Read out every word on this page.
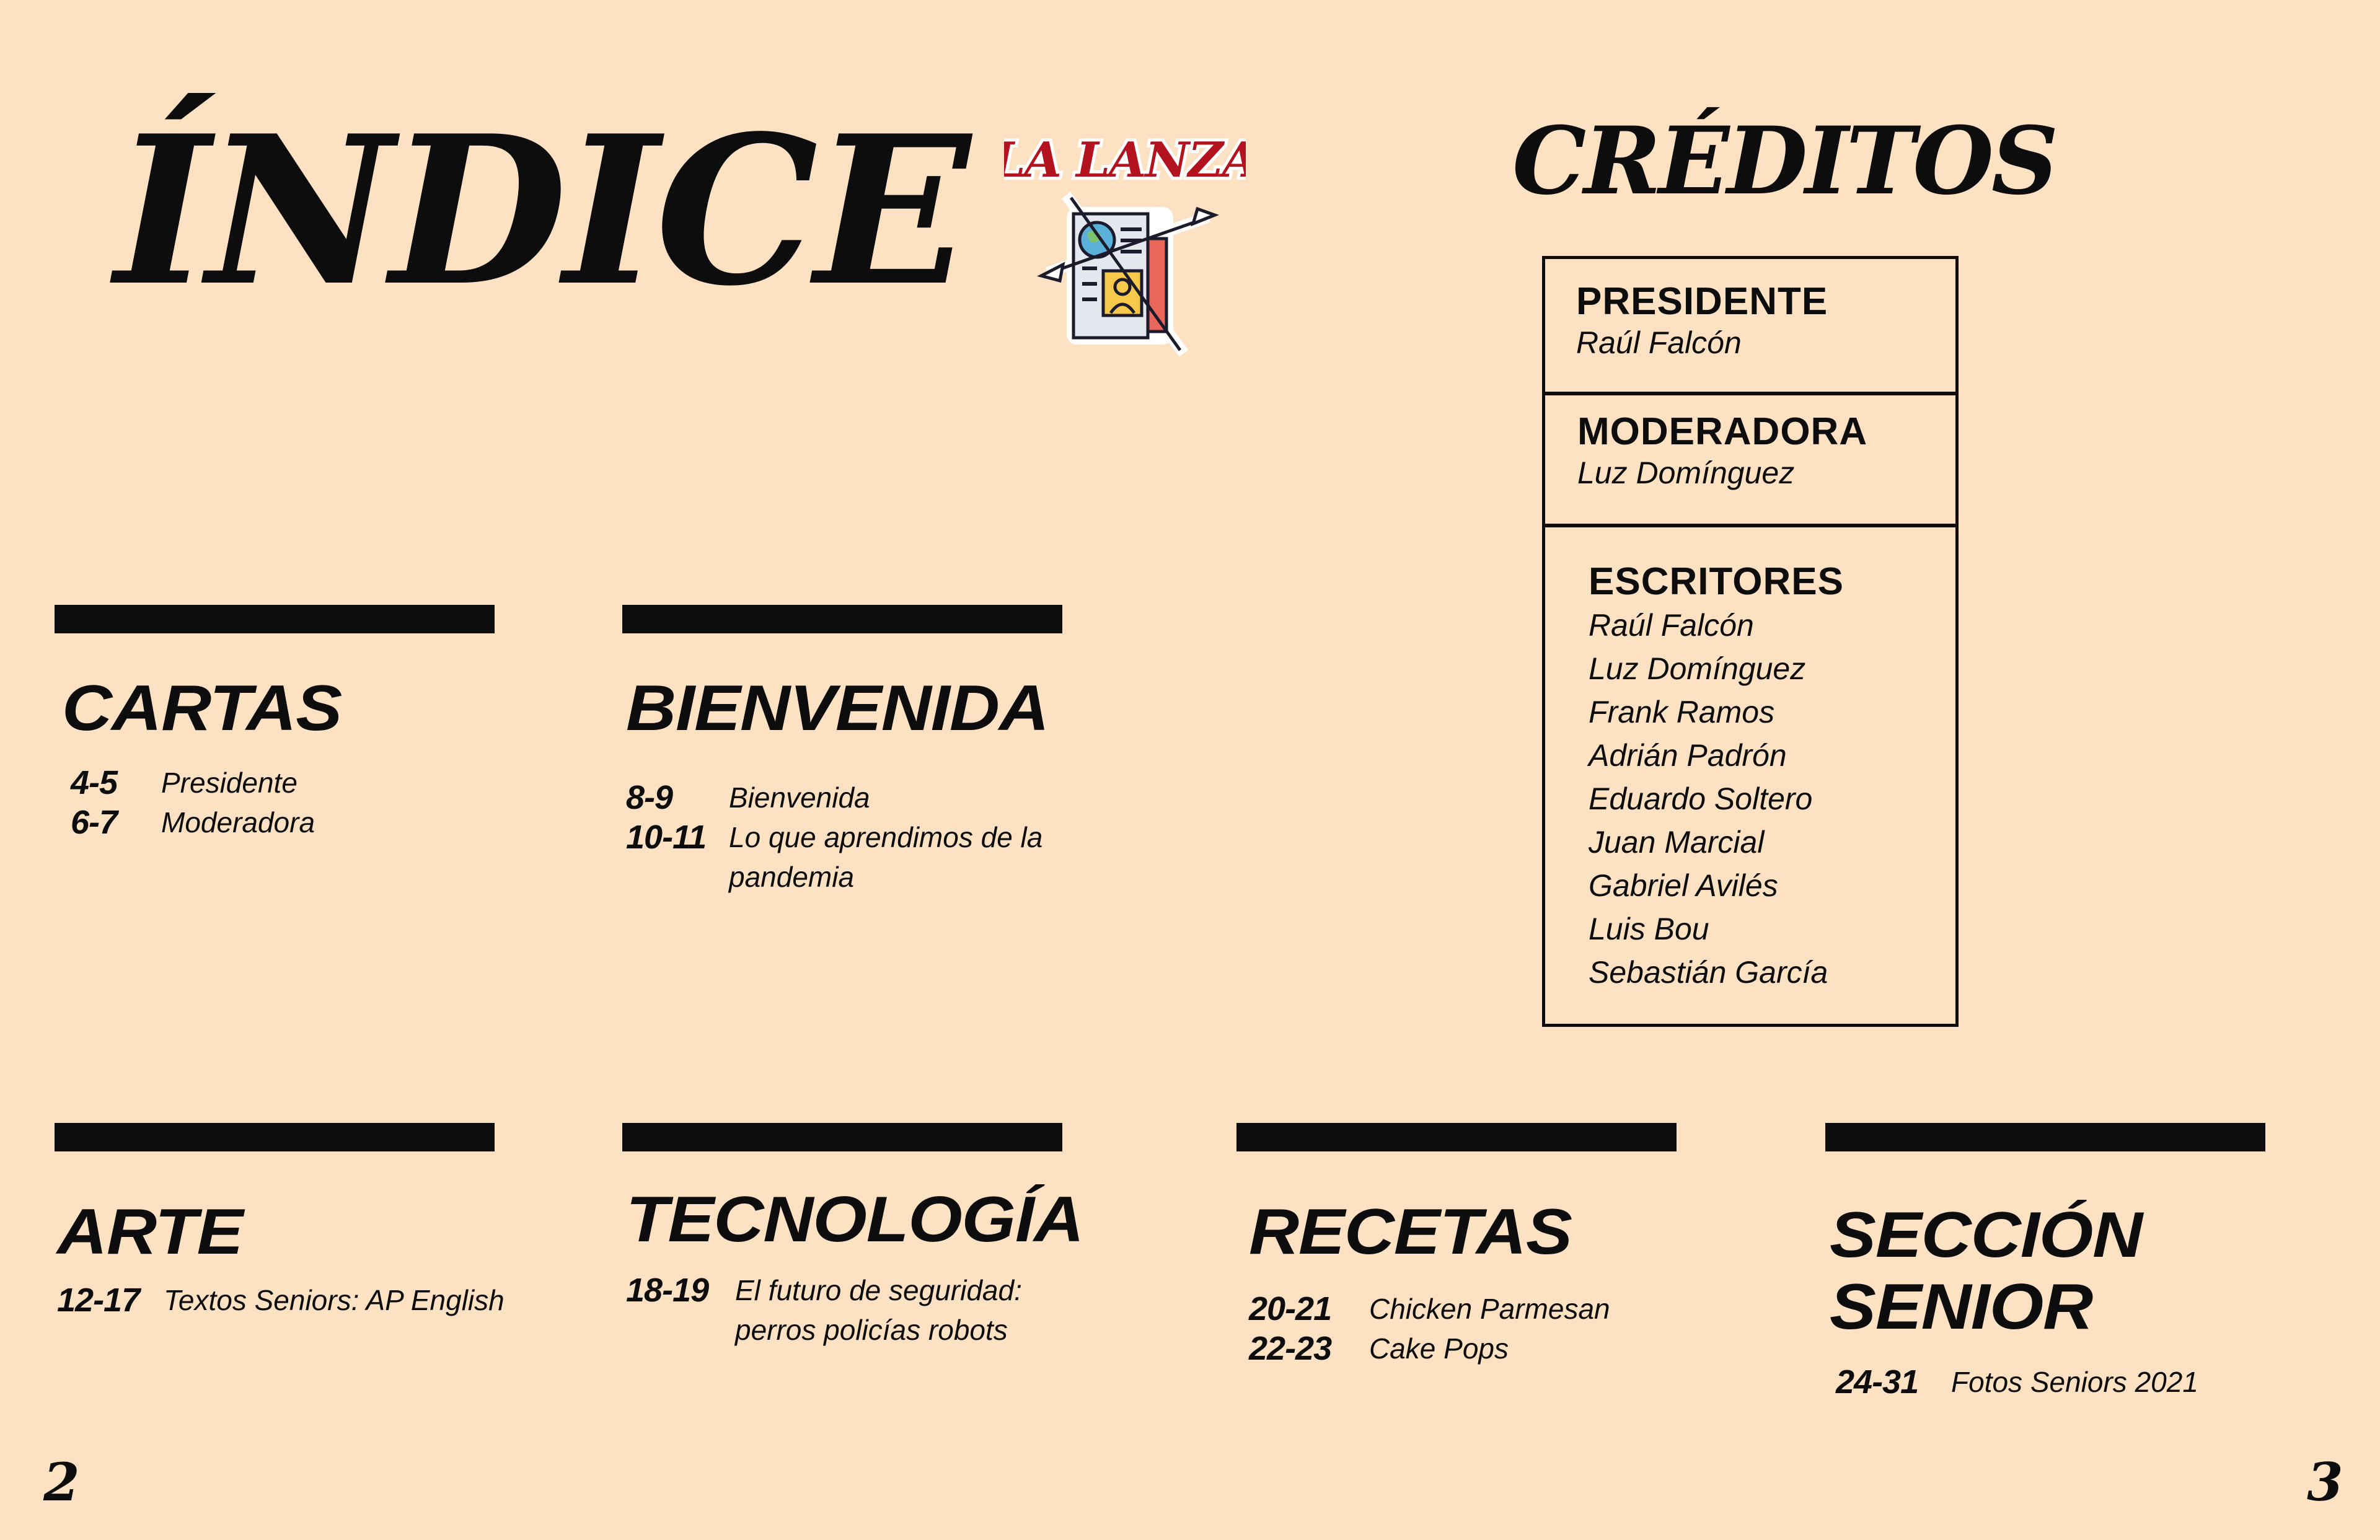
ÍNDICE	CRÉDITOS
LA LANZA
PRESIDENTE
Raúl Falcón
MODERADORA
Luz Domínguez
ESCRITORES
Raúl Falcón
Luz Domínguez
Frank Ramos
Adrián Padrón
Eduardo Soltero
Juan Marcial
Gabriel Avilés
Luis Bou
Sebastián García
CARTAS
4-5	Presidente
6-7	Moderadora
BIENVENIDA
8-9	Bienvenida
10-11 Lo que aprendimos de la pandemia
ARTE
12-17 Textos Seniors: AP English
TECNOLOGÍA
18-19 El futuro de seguridad: perros policías robots
RECETAS
20-21	Chicken Parmesan
22-23	Cake Pops
SECCIÓN
SENIOR
24-31	Fotos Seniors 2021
2	3
